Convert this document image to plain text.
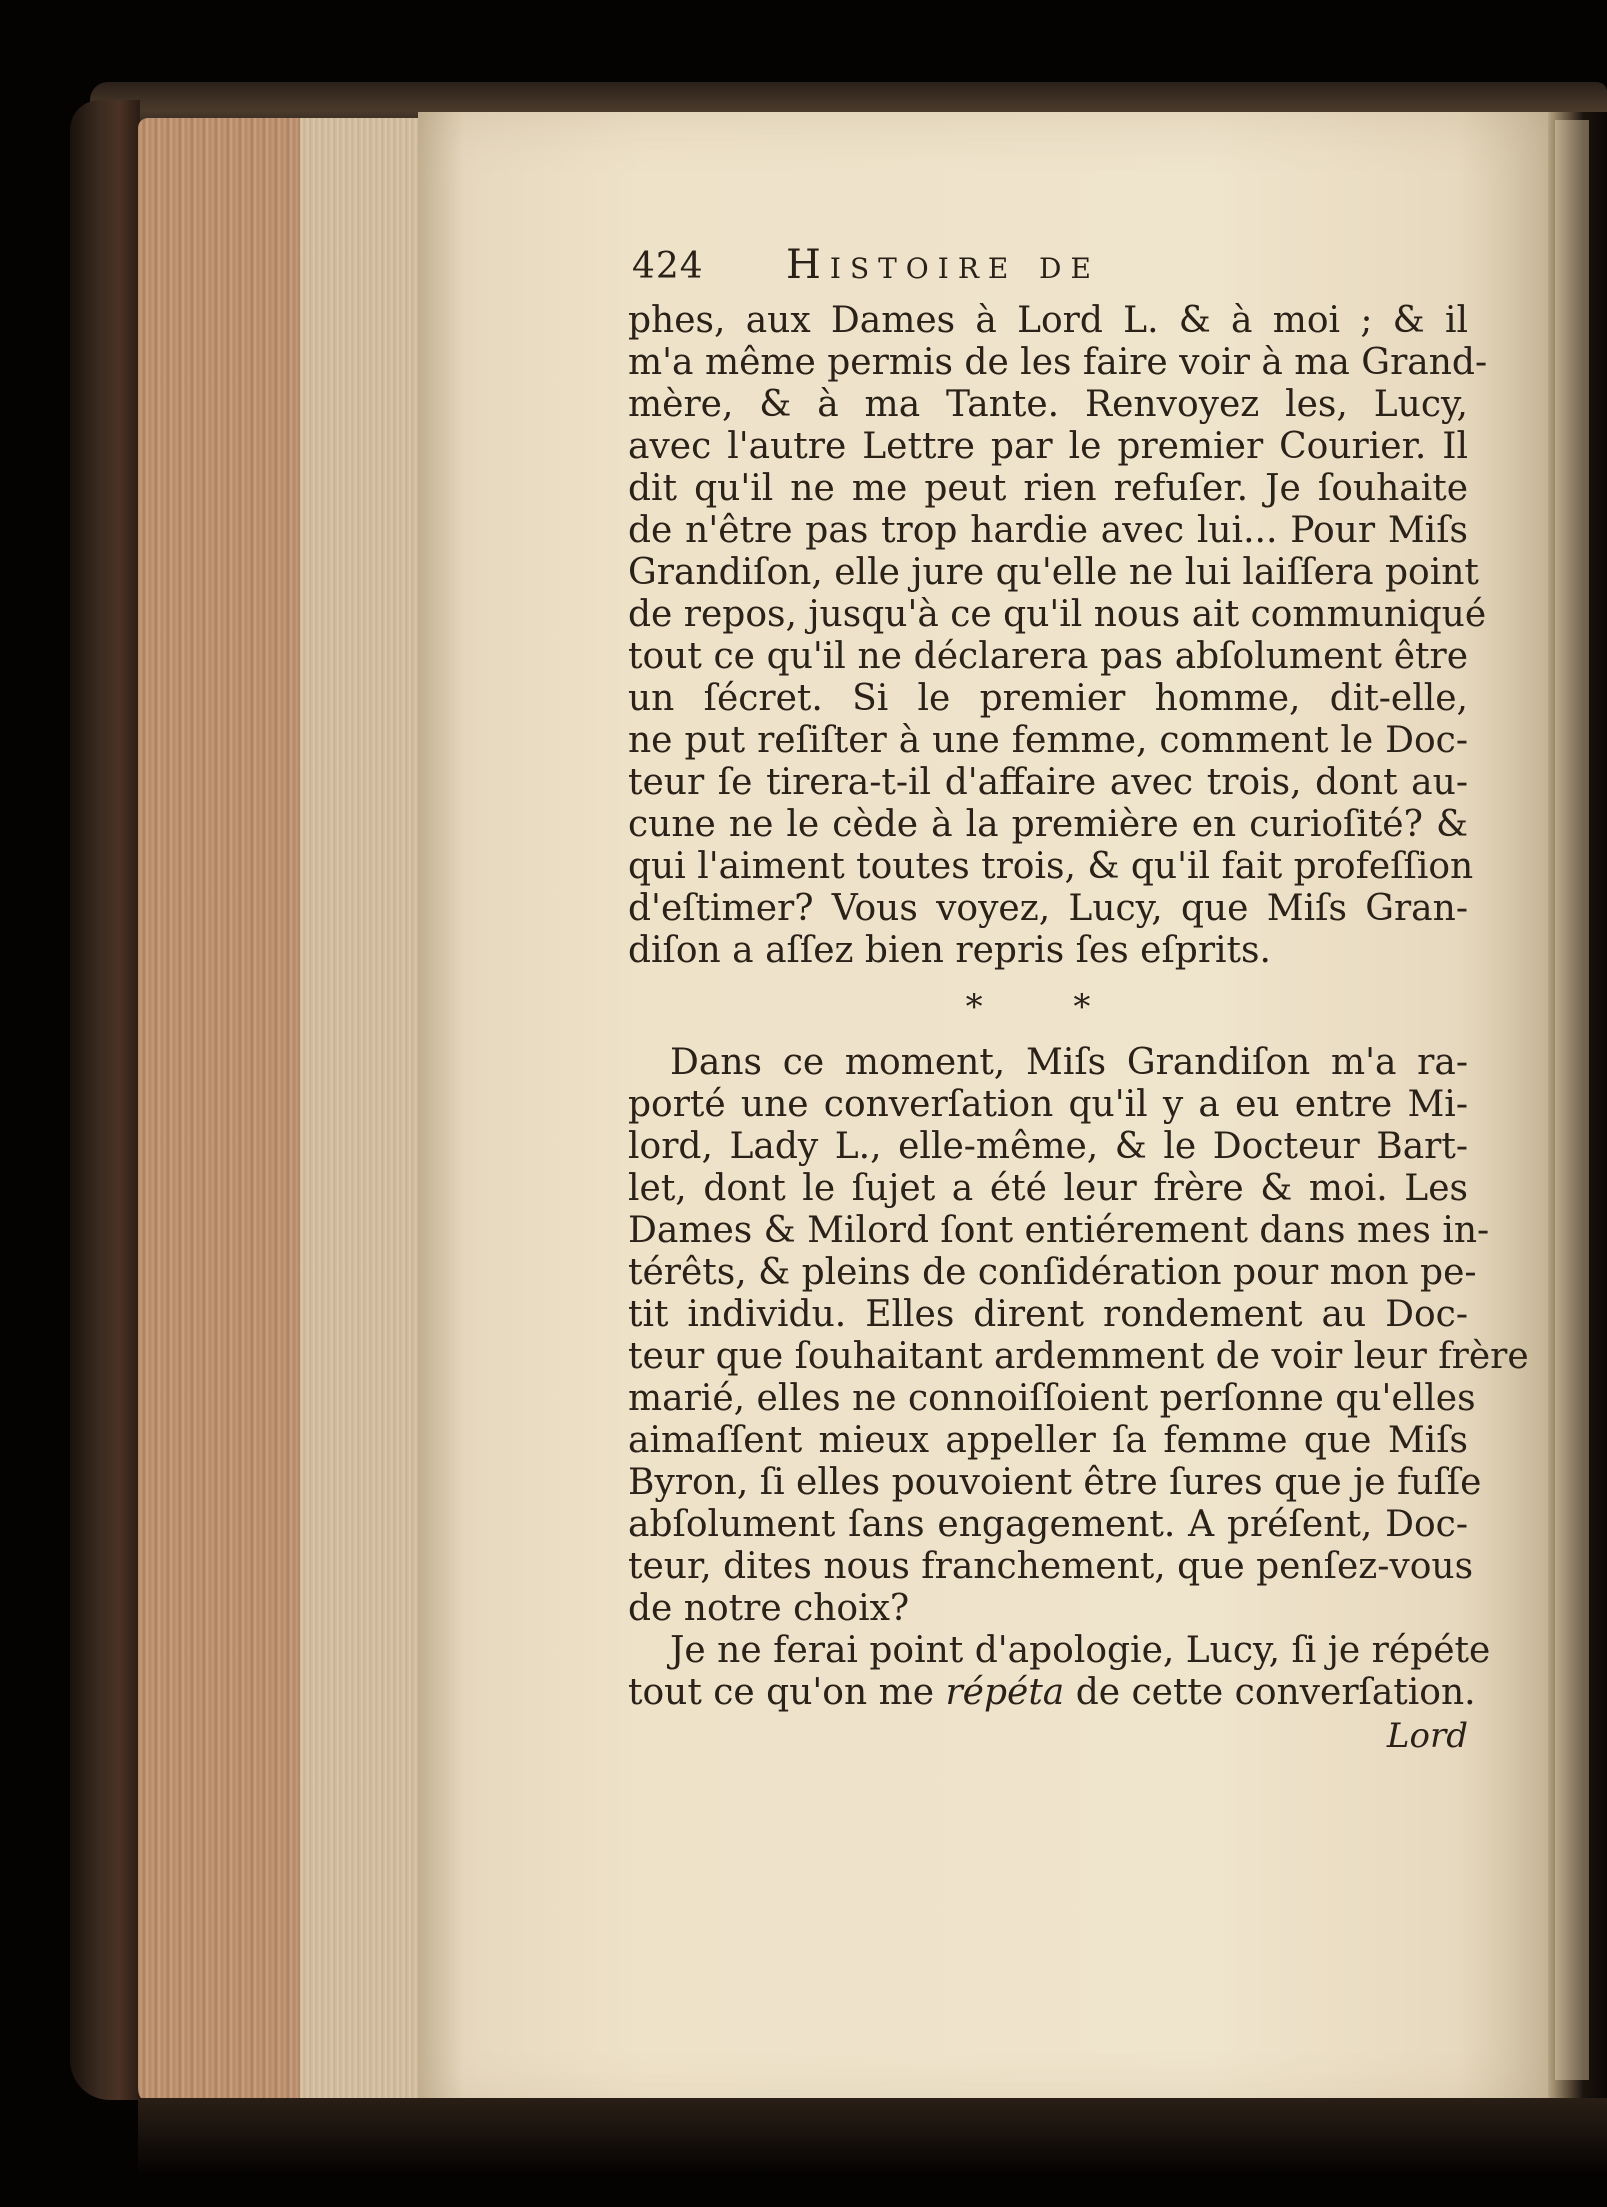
424 Histoire de
phes, aux Dames à Lord L. & à moi ; & il
m'a même permis de les faire voir à ma Grand-
mère, & à ma Tante. Renvoyez les, Lucy,
avec l'autre Lettre par le premier Courier. Il
dit qu'il ne me peut rien refuſer. Je ſouhaite
de n'être pas trop hardie avec lui... Pour Miſs
Grandiſon, elle jure qu'elle ne lui laiſſera point
de repos, jusqu'à ce qu'il nous ait communiqué
tout ce qu'il ne déclarera pas abſolument être
un ſécret. Si le premier homme, dit-elle,
ne put reſiſter à une femme, comment le Doc-
teur ſe tirera-t-il d'affaire avec trois, dont au-
cune ne le cède à la première en curioſité? &
qui l'aiment toutes trois, & qu'il fait profeſſion
d'eſtimer? Vous voyez, Lucy, que Miſs Gran-
diſon a aſſez bien repris ſes eſprits.
* *
Dans ce moment, Miſs Grandiſon m'a ra-
porté une converſation qu'il y a eu entre Mi-
lord, Lady L., elle-même, & le Docteur Bart-
let, dont le ſujet a été leur frère & moi. Les
Dames & Milord ſont entiérement dans mes in-
térêts, & pleins de conſidération pour mon pe-
tit individu. Elles dirent rondement au Doc-
teur que ſouhaitant ardemment de voir leur frère
marié, elles ne connoiſſoient perſonne qu'elles
aimaſſent mieux appeller ſa femme que Miſs
Byron, ſi elles pouvoient être ſures que je fuſſe
abſolument ſans engagement. A préſent, Doc-
teur, dites nous franchement, que penſez-vous
de notre choix?
Je ne ferai point d'apologie, Lucy, ſi je répéte
tout ce qu'on me répéta de cette converſation.
Lord
